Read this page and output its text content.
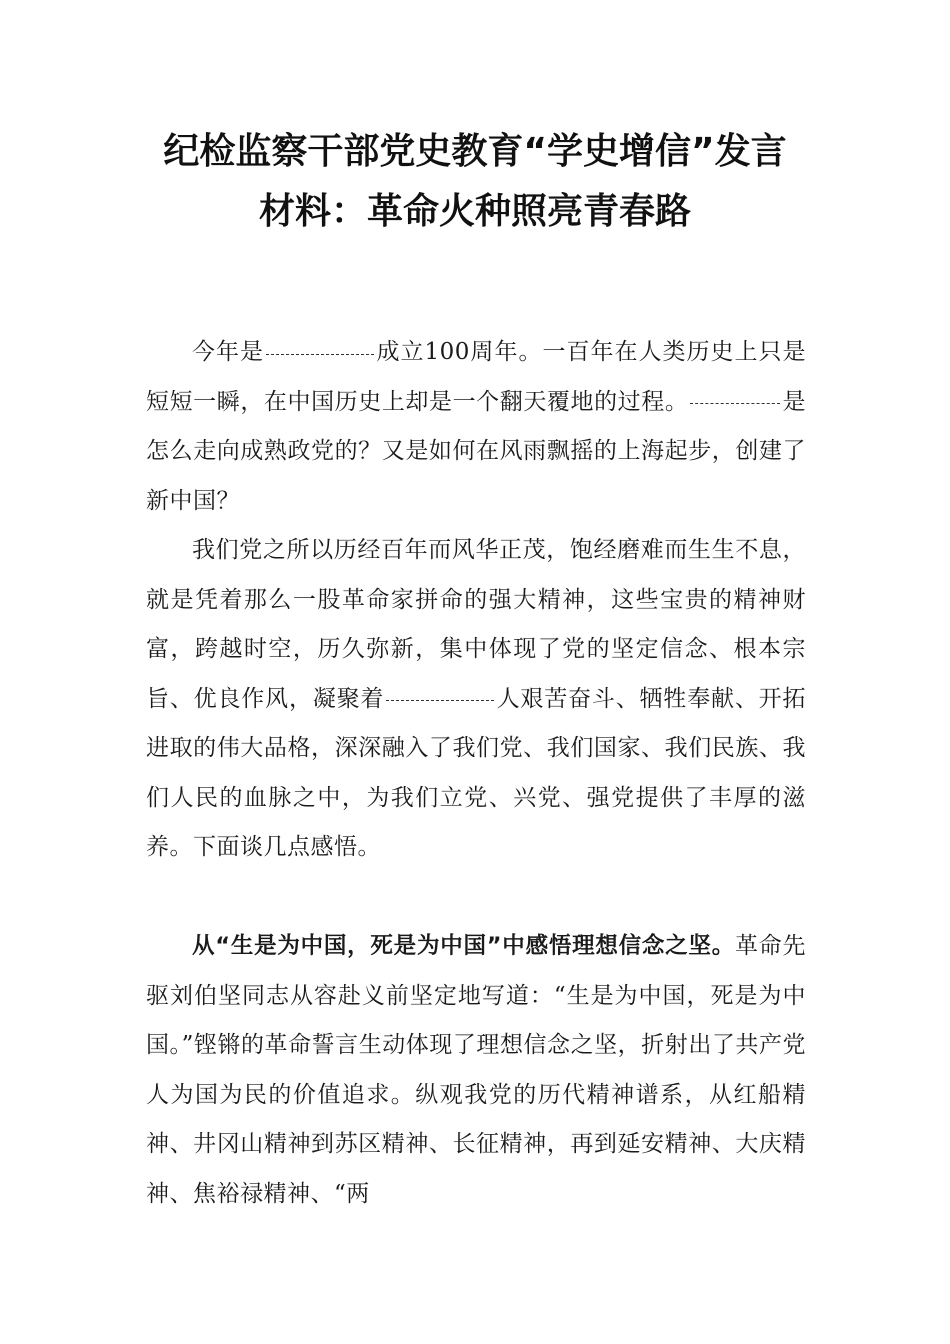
纪检监察干部党史教育“学史增信”发言
材料：革命火种照亮青春路

今年是	成立100周年。一百年在人类历史上只是短短一瞬，在中国历史上却是一个翻天覆地的过程。	是怎么走向成熟政党的？又是如何在风雨飘摇的上海起步，创建了新中国？

我们党之所以历经百年而风华正茂，饱经磨难而生生不息，就是凭着那么一股革命家拼命的强大精神，这些宝贵的精神财富，跨越时空，历久弥新，集中体现了党的坚定信念、根本宗旨、优良作风，凝聚着	人艰苦奋斗、牺牲奉献、开拓进取的伟大品格，深深融入了我们党、我们国家、我们民族、我们人民的血脉之中，为我们立党、兴党、强党提供了丰厚的滋养。下面谈几点感悟。

从“生是为中国，死是为中国”中感悟理想信念之坚。革命先驱刘伯坚同志从容赴义前坚定地写道：“生是为中国，死是为中国。”铿锵的革命誓言生动体现了理想信念之坚，折射出了共产党人为国为民的价值追求。纵观我党的历代精神谱系，从红船精神、井冈山精神到苏区精神、长征精神，再到延安精神、大庆精神、焦裕禄精神、“两
